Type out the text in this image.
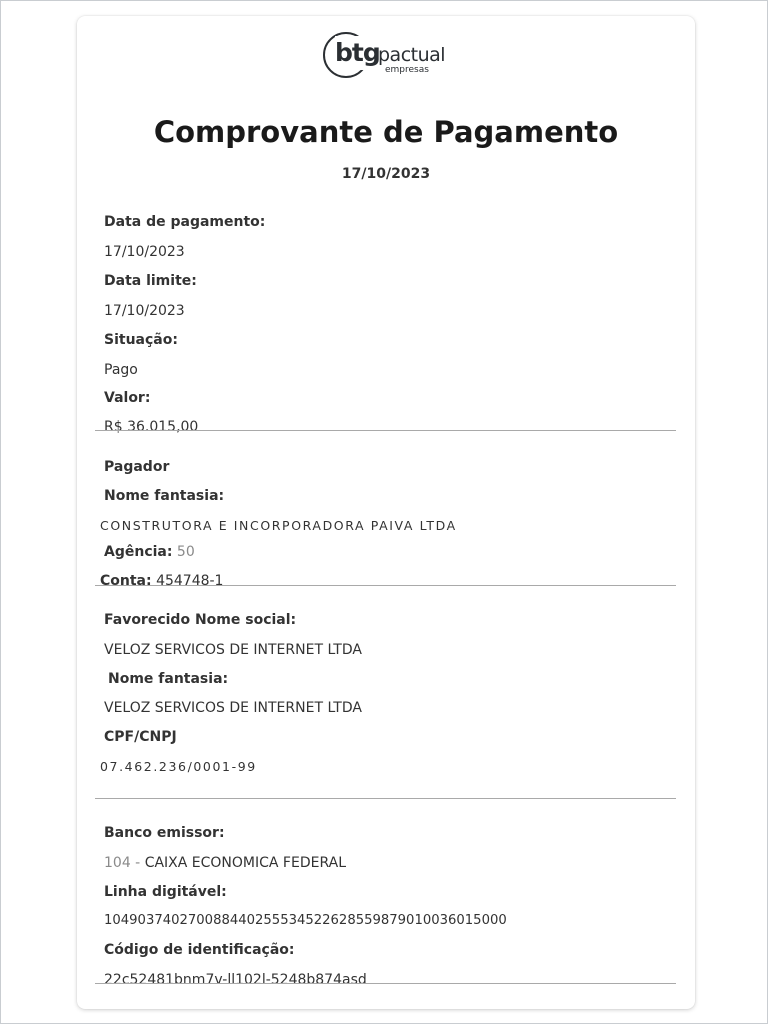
btg
pactual
empresas
Comprovante de Pagamento
17/10/2023
Data de pagamento:
17/10/2023
Data limite:
17/10/2023
Situação:
Pago
Valor:
R$ 36.015,00
Pagador
Nome fantasia:
CONSTRUTORA E INCORPORADORA PAIVA LTDA
Agência: 50
Conta: 454748-1
Favorecido Nome social:
VELOZ SERVICOS DE INTERNET LTDA
Nome fantasia:
VELOZ SERVICOS DE INTERNET LTDA
CPF/CNPJ
07.462.236/0001-99
Banco emissor:
104 - CAIXA ECONOMICA FEDERAL
Linha digitável:
104903740270088440255534522628559879010036015000
Código de identificação:
22c52481bnm7v-ll102l-5248b874asd
